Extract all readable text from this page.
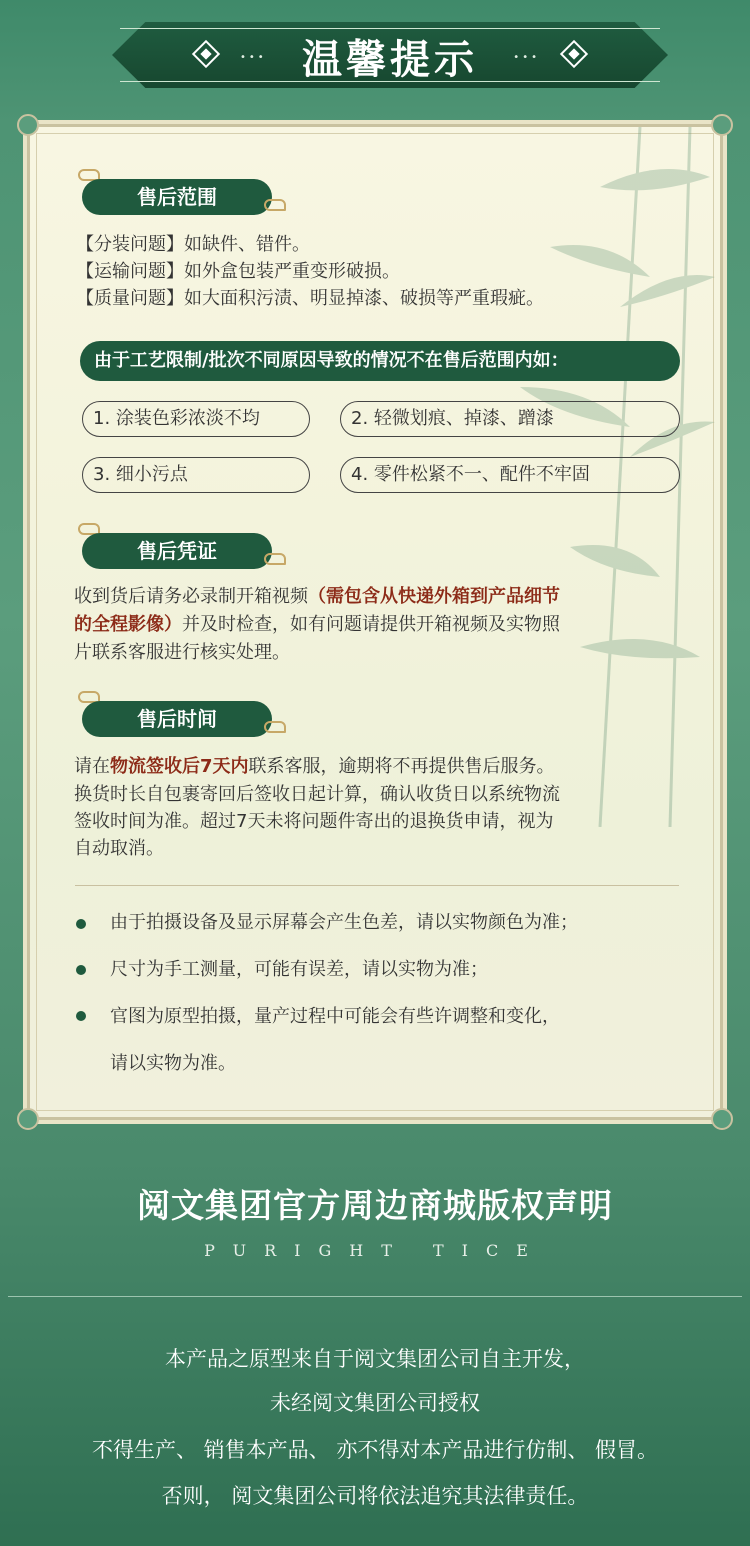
•••	•••
温馨提示
售后范围
【分装问题】如缺件、错件。
【运输问题】如外盒包装严重变形破损。
【质量问题】如大面积污渍、明显掉漆、破损等严重瑕疵。
由于工艺限制/批次不同原因导致的情况不在售后范围内如：
1. 涂装色彩浓淡不均	2. 轻微划痕、掉漆、蹭漆
3. 细小污点	4. 零件松紧不一、配件不牢固
售后凭证
收到货后请务必录制开箱视频（需包含从快递外箱到产品细节
的全程影像）并及时检查，如有问题请提供开箱视频及实物照
片联系客服进行核实处理。
售后时间
请在物流签收后7天内联系客服，逾期将不再提供售后服务。
换货时长自包裹寄回后签收日起计算，确认收货日以系统物流
签收时间为准。超过7天未将问题件寄出的退换货申请，视为
自动取消。
由于拍摄设备及显示屏幕会产生色差，请以实物颜色为准；
尺寸为手工测量，可能有误差，请以实物为准；
官图为原型拍摄，量产过程中可能会有些许调整和变化，
请以实物为准。
阅文集团官方周边商城版权声明
PURIGHT TICE
本产品之原型来自于阅文集团公司自主开发，
未经阅文集团公司授权
不得生产、 销售本产品、 亦不得对本产品进行仿制、 假冒。
否则， 阅文集团公司将依法追究其法律责任。
